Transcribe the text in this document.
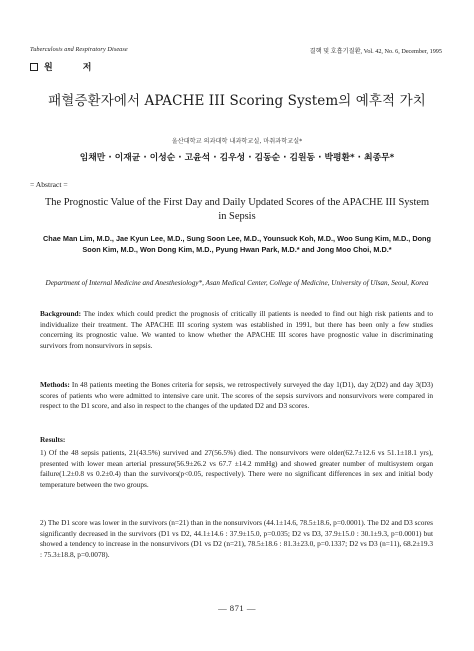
Tuberculosis and Respiratory Disease	결핵 및 호흡기질환, Vol. 42, No. 6, December, 1995
원	저
패혈증환자에서 APACHE III Scoring System의 예후적 가치
울산대학교 의과대학 내과학교실, 마취과학교실*
임채만 · 이재균 · 이성순 · 고윤석 · 김우성 · 김동순 · 김원동 · 박평환* · 최종무*
= Abstract =
The Prognostic Value of the First Day and Daily Updated Scores of the APACHE III System in Sepsis
Chae Man Lim, M.D., Jae Kyun Lee, M.D., Sung Soon Lee, M.D., Younsuck Koh, M.D., Woo Sung Kim, M.D., Dong Soon Kim, M.D., Won Dong Kim, M.D., Pyung Hwan Park, M.D.* and Jong Moo Choi, M.D.*
Department of Internal Medicine and Anesthesiology*, Asan Medical Center, College of Medicine, University of Ulsan, Seoul, Korea
Background: The index which could predict the prognosis of critically ill patients is needed to find out high risk patients and to individualize their treatment. The APACHE III scoring system was established in 1991, but there has been only a few studies concerning its prognostic value. We wanted to know whether the APACHE III scores have prognostic value in discriminating survivors from nonsurvivors in sepsis.
Methods: In 48 patients meeting the Bones criteria for sepsis, we retrospectively surveyed the day 1(D1), day 2(D2) and day 3(D3) scores of patients who were admitted to intensive care unit. The scores of the sepsis survivors and nonsurvivors were compared in respect to the D1 score, and also in respect to the changes of the updated D2 and D3 scores.
Results:
1) Of the 48 sepsis patients, 21(43.5%) survived and 27(56.5%) died. The nonsurvivors were older(62.7±12.6 vs 51.1±18.1 yrs), presented with lower mean arterial pressure(56.9±26.2 vs 67.7 ±14.2 mmHg) and showed greater number of multisystem organ failure(1.2±0.8 vs 0.2±0.4) than the survivors(p<0.05, respectively). There were no significant differences in sex and initial body temperature between the two groups.
2) The D1 score was lower in the survivors (n=21) than in the nonsurvivors (44.1±14.6, 78.5±18.6, p=0.0001). The D2 and D3 scores significantly decreased in the survivors (D1 vs D2, 44.1±14.6 : 37.9±15.0, p=0.035; D2 vs D3, 37.9±15.0 : 30.1±9.3, p=0.0001) but showed a tendency to increase in the nonsurvivors (D1 vs D2 (n=21), 78.5±18.6 : 81.3±23.0, p=0.1337; D2 vs D3 (n=11), 68.2±19.3 : 75.3±18.8, p=0.0078).
— 871 —
